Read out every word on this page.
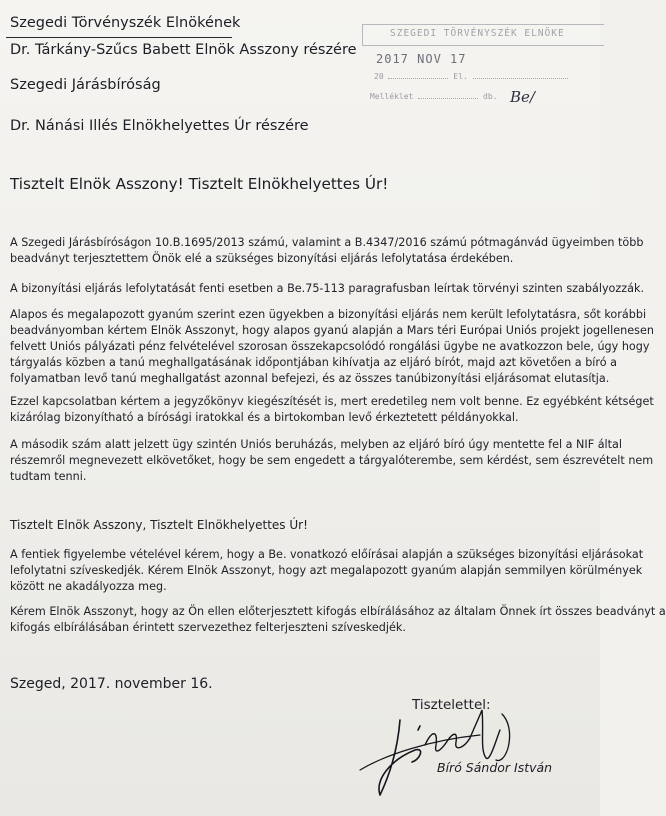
Szegedi Törvényszék Elnökének
Dr. Tárkány-Szűcs Babett Elnök Asszony részére
Szegedi Járásbíróság
Dr. Nánási Illés Elnökhelyettes Úr részére
SZEGEDI TÖRVÉNYSZÉK ELNÖKE
2017 NOV 17
20	El.
Melléklet	db. Be/
Tisztelt Elnök Asszony! Tisztelt Elnökhelyettes Úr!
A Szegedi Járásbíróságon 10.B.1695/2013 számú, valamint a B.4347/2016 számú pótmagánvád ügyeimben több
beadványt terjesztettem Önök elé a szükséges bizonyítási eljárás lefolytatása érdekében.
A bizonyítási eljárás lefolytatását fenti esetben a Be.75-113 paragrafusban leírtak törvényi szinten szabályozzák.
Alapos és megalapozott gyanúm szerint ezen ügyekben a bizonyítási eljárás nem került lefolytatásra, sőt korábbi
beadványomban kértem Elnök Asszonyt, hogy alapos gyanú alapján a Mars téri Európai Uniós projekt jogellenesen
felvett Uniós pályázati pénz felvételével szorosan összekapcsolódó rongálási ügybe ne avatkozzon bele, úgy hogy
tárgyalás közben a tanú meghallgatásának időpontjában kihívatja az eljáró bírót, majd azt követően a bíró a
folyamatban levő tanú meghallgatást azonnal befejezi, és az összes tanúbizonyítási eljárásomat elutasítja.
Ezzel kapcsolatban kértem a jegyzőkönyv kiegészítését is, mert eredetileg nem volt benne. Ez egyébként kétséget
kizárólag bizonyítható a bírósági iratokkal és a birtokomban levő érkeztetett példányokkal.
A második szám alatt jelzett ügy szintén Uniós beruházás, melyben az eljáró bíró úgy mentette fel a NIF által
részemről megnevezett elkövetőket, hogy be sem engedett a tárgyalóterembe, sem kérdést, sem észrevételt nem
tudtam tenni.
Tisztelt Elnök Asszony, Tisztelt Elnökhelyettes Úr!
A fentiek figyelembe vételével kérem, hogy a Be. vonatkozó előírásai alapján a szükséges bizonyítási eljárásokat
lefolytatni szíveskedjék. Kérem Elnök Asszonyt, hogy azt megalapozott gyanúm alapján semmilyen körülmények
között ne akadályozza meg.
Kérem Elnök Asszonyt, hogy az Ön ellen előterjesztett kifogás elbírálásához az általam Önnek írt összes beadványt a
kifogás elbírálásában érintett szervezethez felterjeszteni szíveskedjék.
Szeged, 2017. november 16.
Tisztelettel:
Bíró Sándor István
